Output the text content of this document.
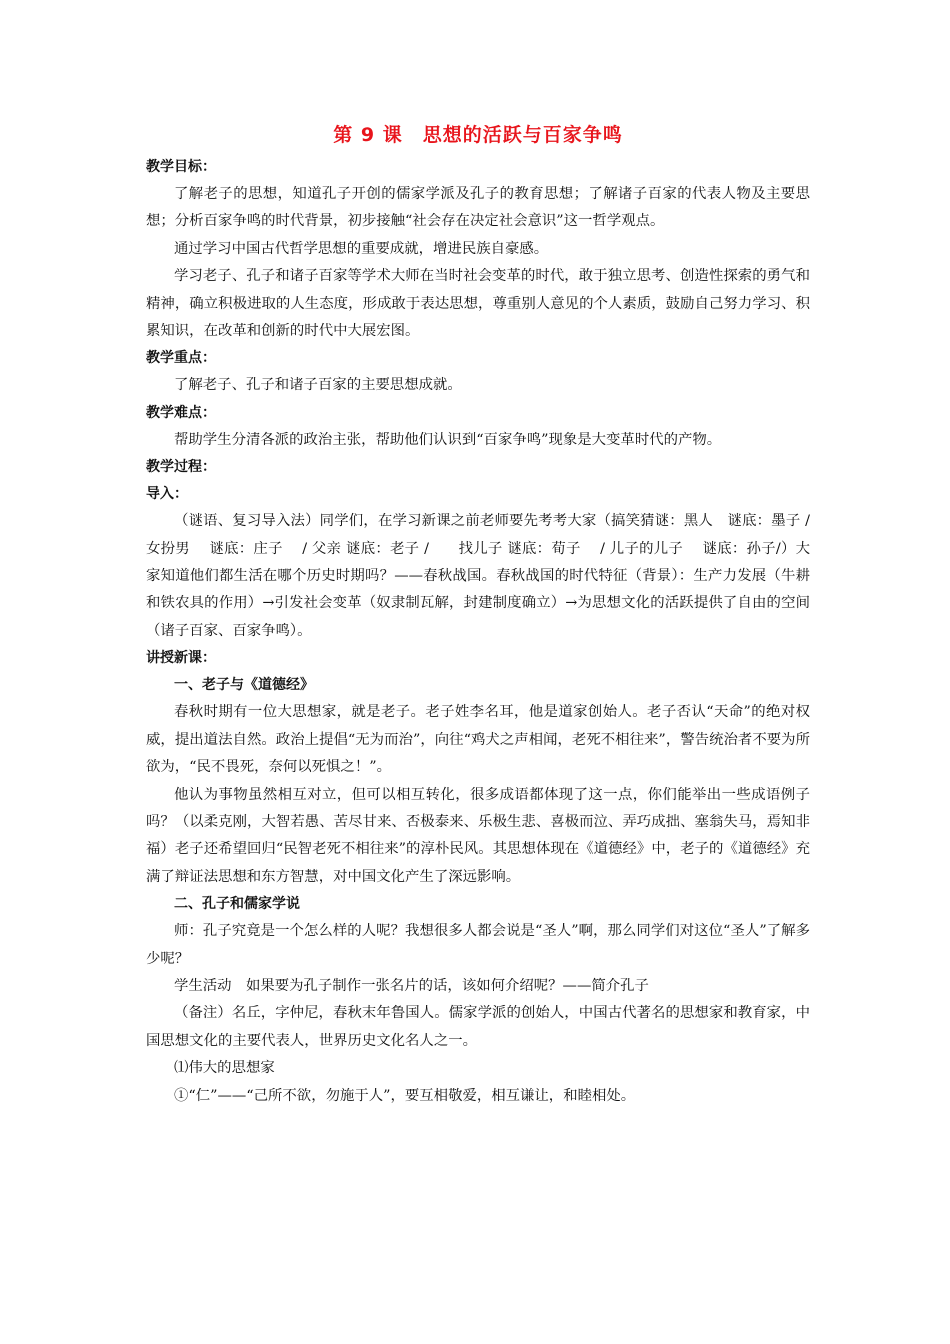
第 9 课　思想的活跃与百家争鸣
教学目标：

了解老子的思想，知道孔子开创的儒家学派及孔子的教育思想；了解诸子百家的代表人物及主要思想；分析百家争鸣的时代背景，初步接触“社会存在决定社会意识”这一哲学观点。

通过学习中国古代哲学思想的重要成就，增进民族自豪感。

学习老子、孔子和诸子百家等学术大师在当时社会变革的时代，敢于独立思考、创造性探索的勇气和精神，确立积极进取的人生态度，形成敢于表达思想，尊重别人意见的个人素质，鼓励自己努力学习、积累知识，在改革和创新的时代中大展宏图。

教学重点：

了解老子、孔子和诸子百家的主要思想成就。

教学难点：

帮助学生分清各派的政治主张，帮助他们认识到“百家争鸣”现象是大变革时代的产物。

教学过程：
导入：

（谜语、复习导入法）同学们，在学习新课之前老师要先考考大家（搞笑猜谜：黑人　谜底：墨子 /　 女扮男　 谜底：庄子　 / 父亲 谜底：老子 /　　找儿子 谜底：荀子　 / 儿子的儿子　 谜底：孙子/）大家知道他们都生活在哪个历史时期吗？——春秋战国。春秋战国的时代特征（背景）：生产力发展（牛耕和铁农具的作用）→引发社会变革（奴隶制瓦解，封建制度确立）→为思想文化的活跃提供了自由的空间（诸子百家、百家争鸣）。

讲授新课：
一、老子与《道德经》

春秋时期有一位大思想家，就是老子。老子姓李名耳，他是道家创始人。老子否认“天命”的绝对权威，提出道法自然。政治上提倡“无为而治”，向往“鸡犬之声相闻，老死不相往来”，警告统治者不要为所欲为，“民不畏死，奈何以死惧之！”。

他认为事物虽然相互对立，但可以相互转化，很多成语都体现了这一点，你们能举出一些成语例子吗？（以柔克刚，大智若愚、苦尽甘来、否极泰来、乐极生悲、喜极而泣、弄巧成拙、塞翁失马，焉知非福）老子还希望回归“民智老死不相往来”的淳朴民风。其思想体现在《道德经》中，老子的《道德经》充满了辩证法思想和东方智慧，对中国文化产生了深远影响。

二、孔子和儒家学说

师：孔子究竟是一个怎么样的人呢？我想很多人都会说是“圣人”啊，那么同学们对这位“圣人”了解多少呢？

学生活动　如果要为孔子制作一张名片的话，该如何介绍呢？——简介孔子

（备注）名丘，字仲尼，春秋末年鲁国人。儒家学派的创始人，中国古代著名的思想家和教育家，中国思想文化的主要代表人，世界历史文化名人之一。

⑴伟大的思想家

①“仁”——“己所不欲，勿施于人”，要互相敬爱，相互谦让，和睦相处。
